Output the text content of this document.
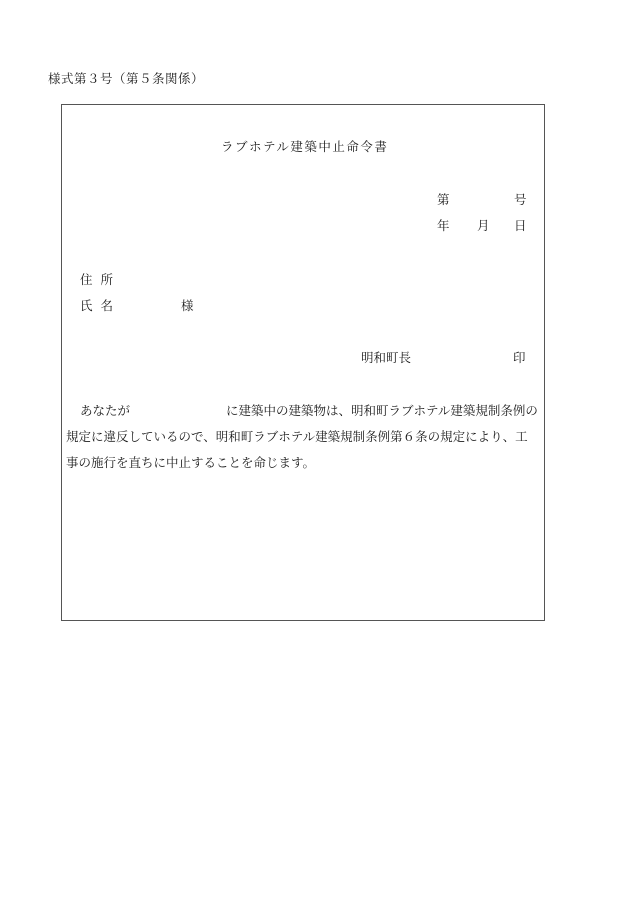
様式第３号（第５条関係）
ラブホテル建築中止命令書
第	号
年 月 日
住所
氏名	様
明和町長	印
あなたが	に建築中の建築物は、明和町ラブホテル建築規制条例の
規定に違反しているので、明和町ラブホテル建築規制条例第６条の規定により、工
事の施行を直ちに中止することを命じます。
